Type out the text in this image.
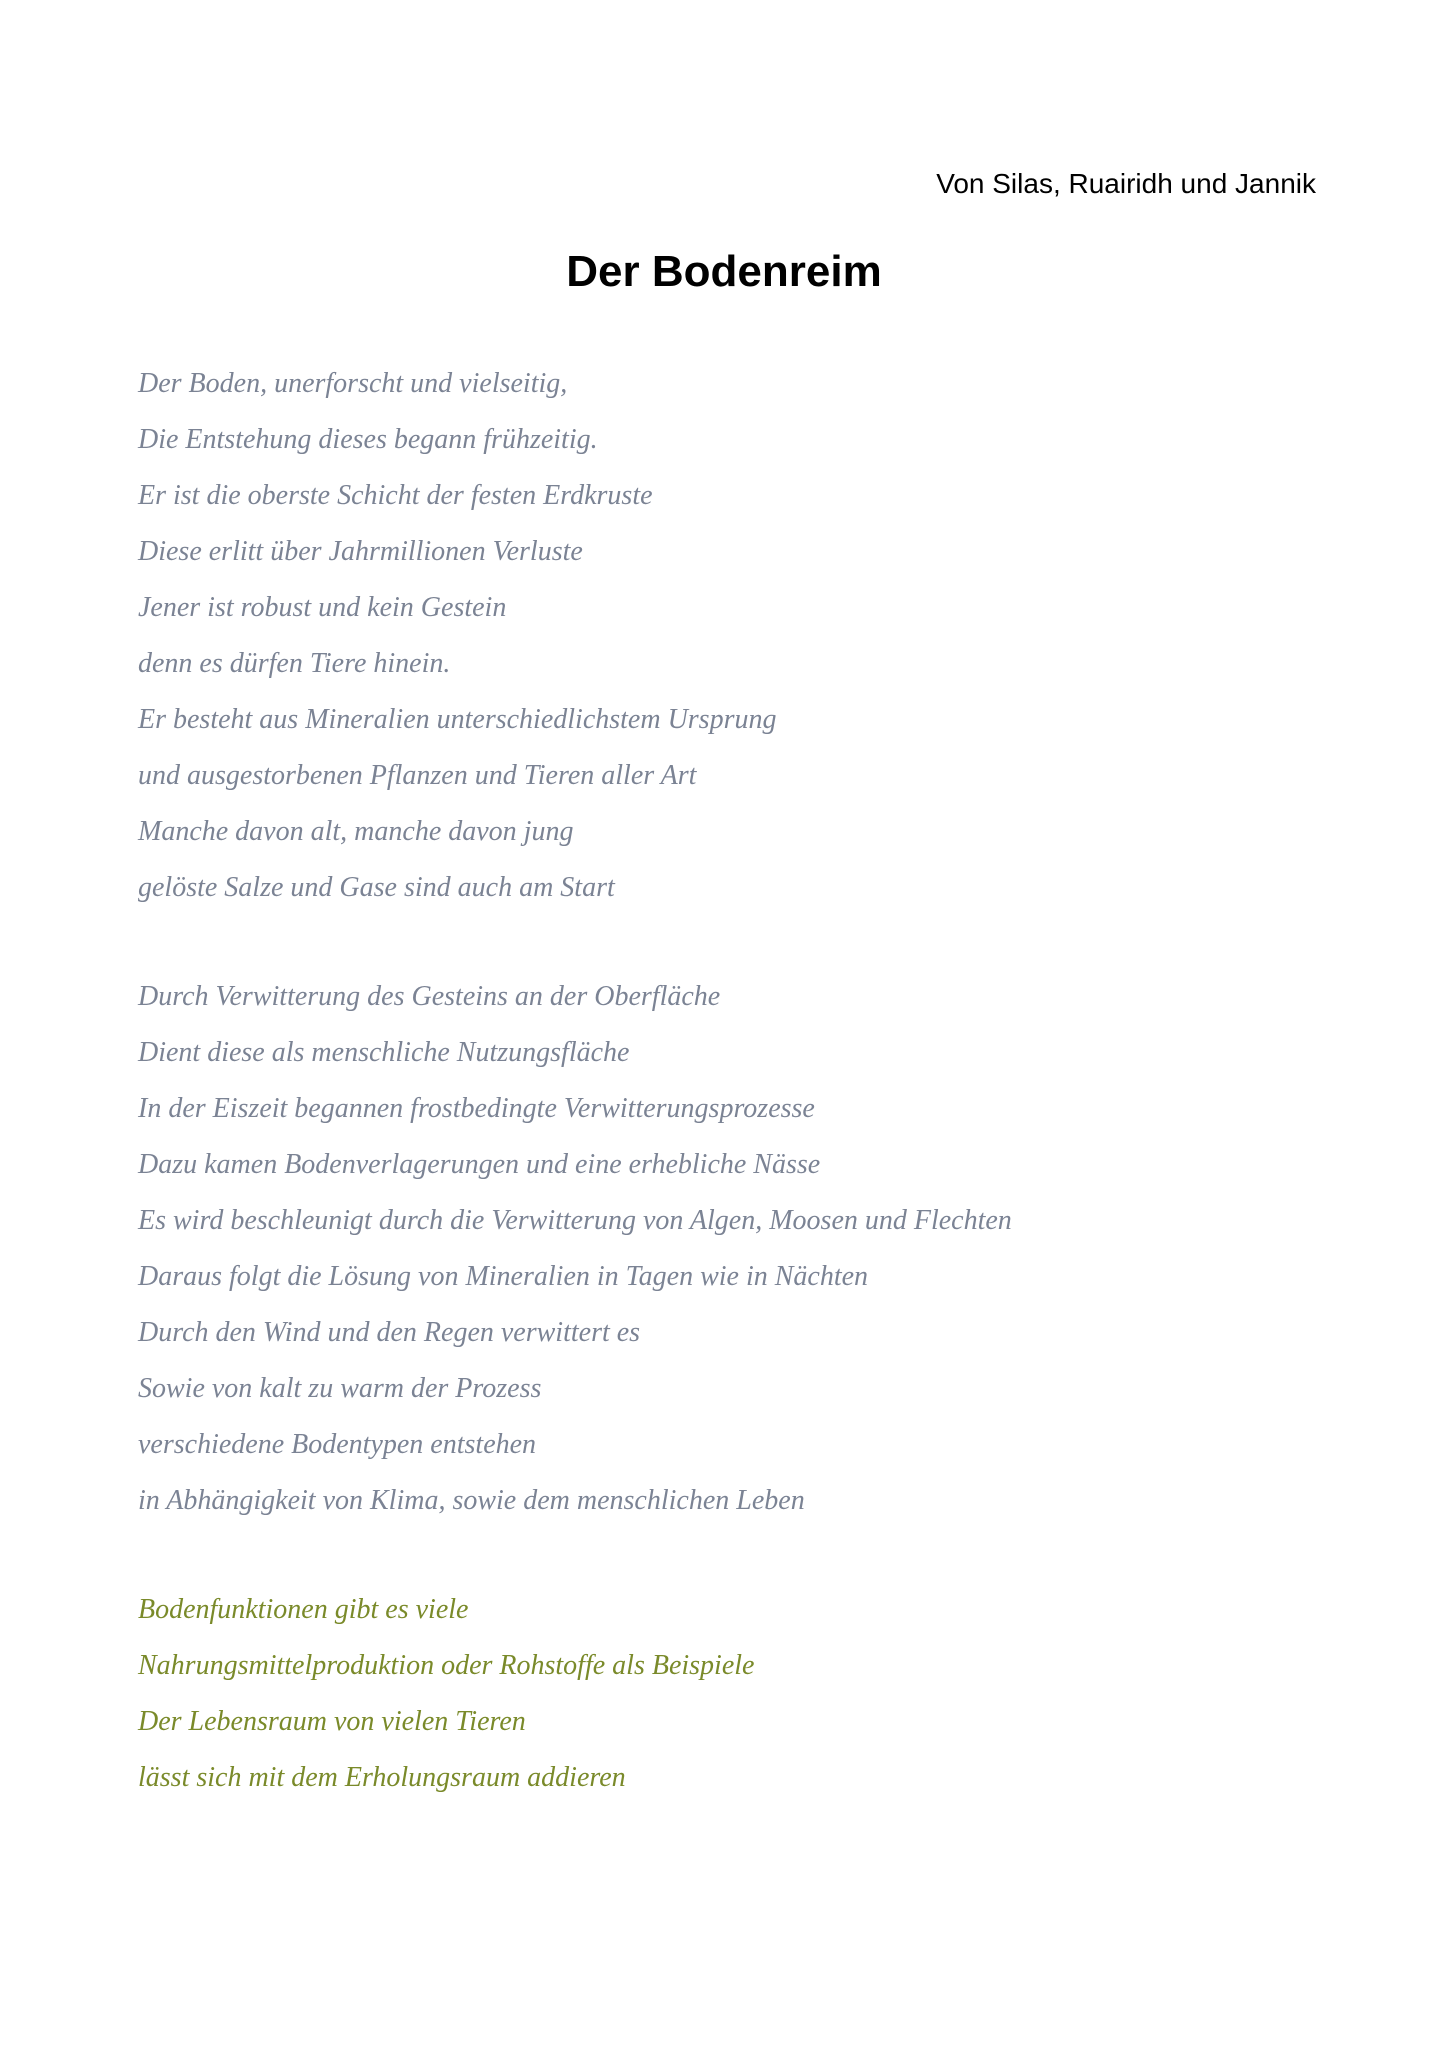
Von Silas, Ruairidh und Jannik
Der Bodenreim
Der Boden, unerforscht und vielseitig,
Die Entstehung dieses begann frühzeitig.
Er ist die oberste Schicht der festen Erdkruste
Diese erlitt über Jahrmillionen Verluste
Jener ist robust und kein Gestein
denn es dürfen Tiere hinein.
Er besteht aus Mineralien unterschiedlichstem Ursprung
und ausgestorbenen Pflanzen und Tieren aller Art
Manche davon alt, manche davon jung
gelöste Salze und Gase sind auch am Start
Durch Verwitterung des Gesteins an der Oberfläche
Dient diese als menschliche Nutzungsfläche
In der Eiszeit begannen frostbedingte Verwitterungsprozesse
Dazu kamen Bodenverlagerungen und eine erhebliche Nässe
Es wird beschleunigt durch die Verwitterung von Algen, Moosen und Flechten
Daraus folgt die Lösung von Mineralien in Tagen wie in Nächten
Durch den Wind und den Regen verwittert es
Sowie von kalt zu warm der Prozess
verschiedene Bodentypen entstehen
in Abhängigkeit von Klima, sowie dem menschlichen Leben
Bodenfunktionen gibt es viele
Nahrungsmittelproduktion oder Rohstoffe als Beispiele
Der Lebensraum von vielen Tieren
lässt sich mit dem Erholungsraum addieren
